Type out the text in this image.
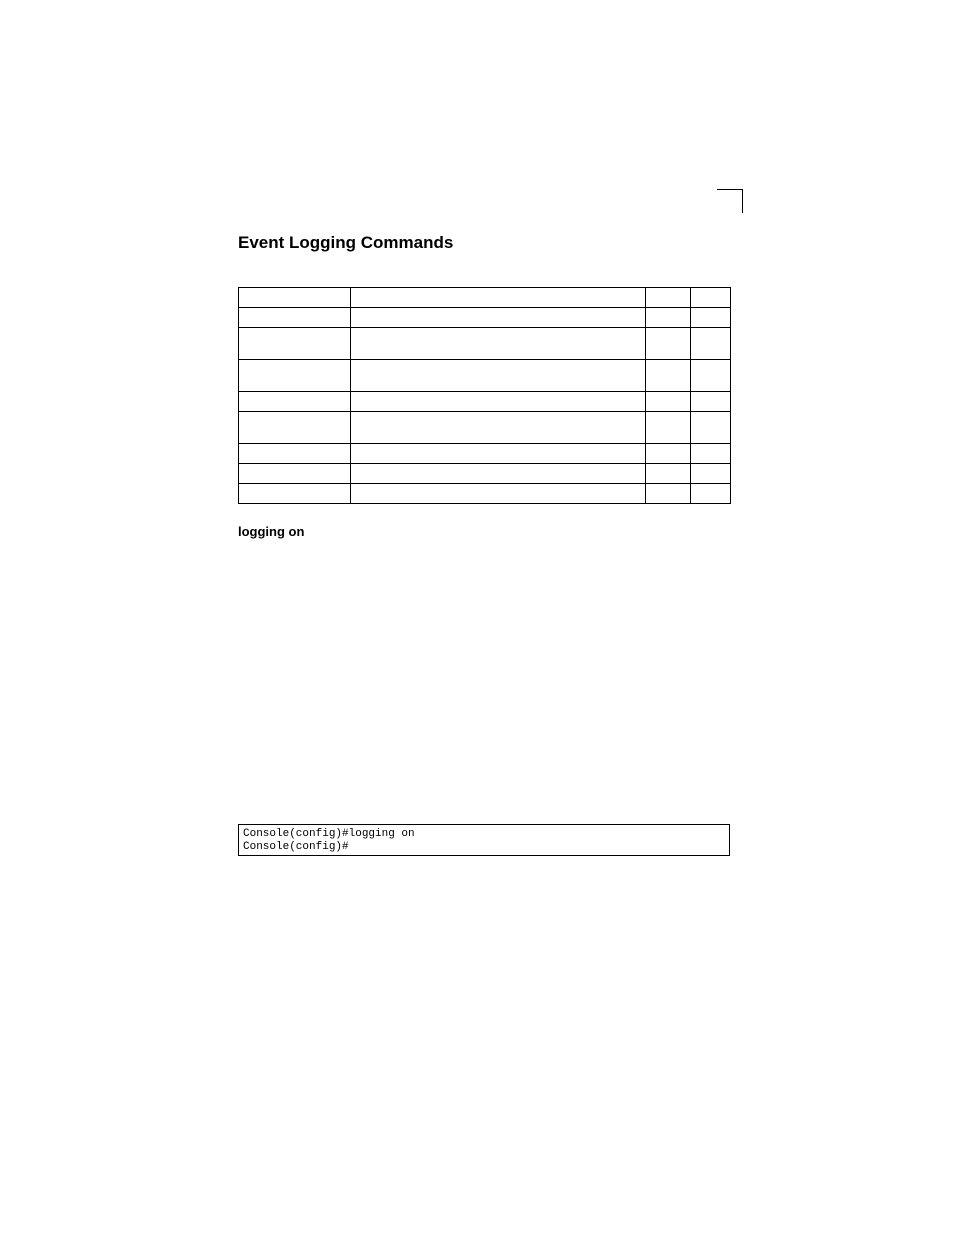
Event Logging Commands

logging on
Console(config)#logging on
Console(config)#
